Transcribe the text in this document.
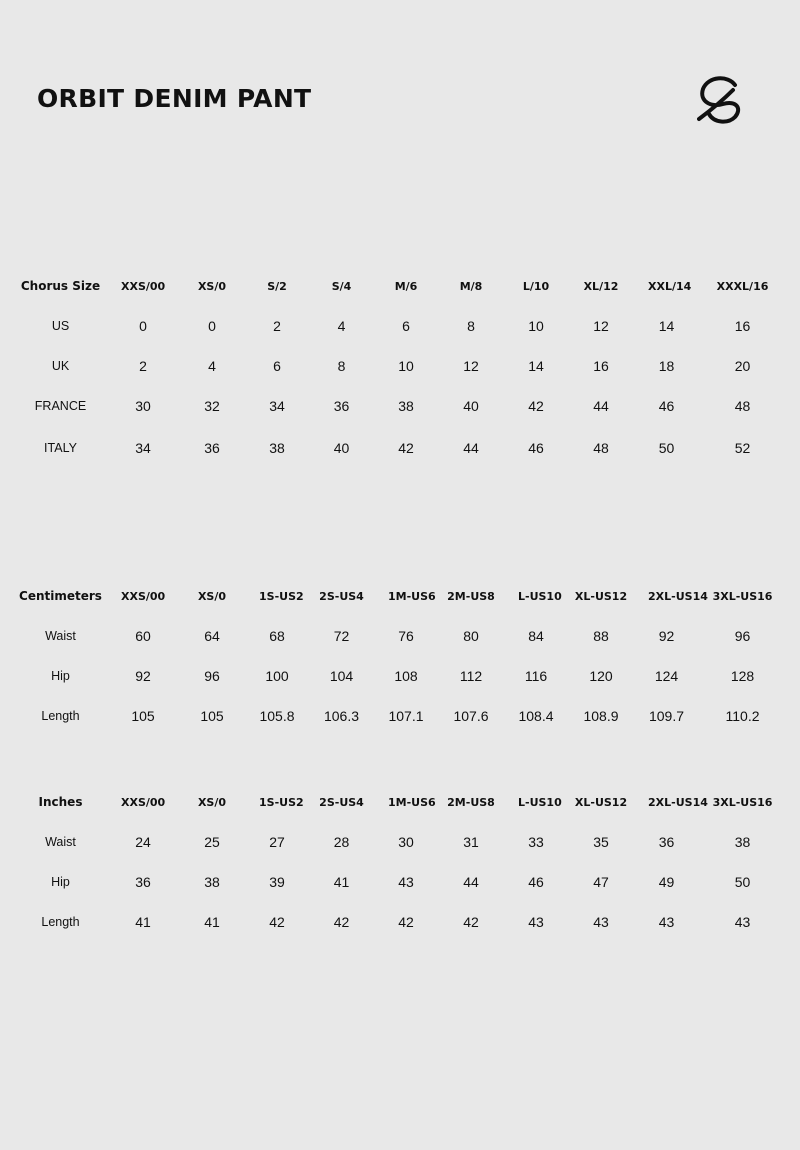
ORBIT DENIM PANT
Chorus Size	XXS/00	XS/0	S/2	S/4	M/6	M/8	L/10	XL/12	XXL/14	XXXL/16
US	0	0	2	4	6	8	10	12	14	16
UK	2	4	6	8	10	12	14	16	18	20
FRANCE	30	32	34	36	38	40	42	44	46	48
ITALY	34	36	38	40	42	44	46	48	50	52
Centimeters	XXS/00	XS/0	1S-US2	2S-US4	1M-US6	2M-US8	L-US10	XL-US12	2XL-US14	3XL-US16
Waist	60	64	68	72	76	80	84	88	92	96
Hip	92	96	100	104	108	112	116	120	124	128
Length	105	105	105.8	106.3	107.1	107.6	108.4	108.9	109.7	110.2
Inches	XXS/00	XS/0	1S-US2	2S-US4	1M-US6	2M-US8	L-US10	XL-US12	2XL-US14	3XL-US16
Waist	24	25	27	28	30	31	33	35	36	38
Hip	36	38	39	41	43	44	46	47	49	50
Length	41	41	42	42	42	42	43	43	43	43
